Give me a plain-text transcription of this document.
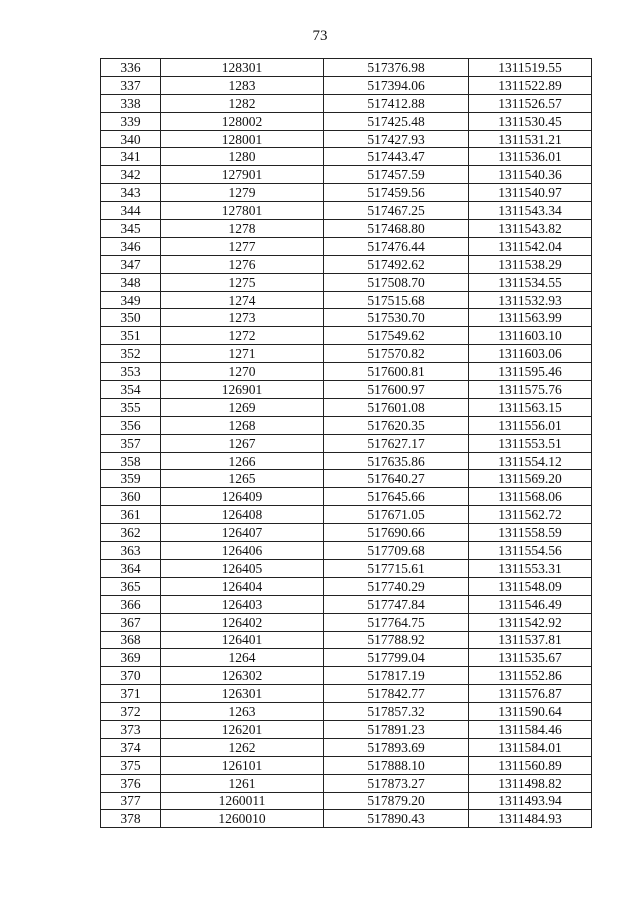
73
336	128301	517376.98	1311519.55
337	1283	517394.06	1311522.89
338	1282	517412.88	1311526.57
339	128002	517425.48	1311530.45
340	128001	517427.93	1311531.21
341	1280	517443.47	1311536.01
342	127901	517457.59	1311540.36
343	1279	517459.56	1311540.97
344	127801	517467.25	1311543.34
345	1278	517468.80	1311543.82
346	1277	517476.44	1311542.04
347	1276	517492.62	1311538.29
348	1275	517508.70	1311534.55
349	1274	517515.68	1311532.93
350	1273	517530.70	1311563.99
351	1272	517549.62	1311603.10
352	1271	517570.82	1311603.06
353	1270	517600.81	1311595.46
354	126901	517600.97	1311575.76
355	1269	517601.08	1311563.15
356	1268	517620.35	1311556.01
357	1267	517627.17	1311553.51
358	1266	517635.86	1311554.12
359	1265	517640.27	1311569.20
360	126409	517645.66	1311568.06
361	126408	517671.05	1311562.72
362	126407	517690.66	1311558.59
363	126406	517709.68	1311554.56
364	126405	517715.61	1311553.31
365	126404	517740.29	1311548.09
366	126403	517747.84	1311546.49
367	126402	517764.75	1311542.92
368	126401	517788.92	1311537.81
369	1264	517799.04	1311535.67
370	126302	517817.19	1311552.86
371	126301	517842.77	1311576.87
372	1263	517857.32	1311590.64
373	126201	517891.23	1311584.46
374	1262	517893.69	1311584.01
375	126101	517888.10	1311560.89
376	1261	517873.27	1311498.82
377	1260011	517879.20	1311493.94
378	1260010	517890.43	1311484.93
